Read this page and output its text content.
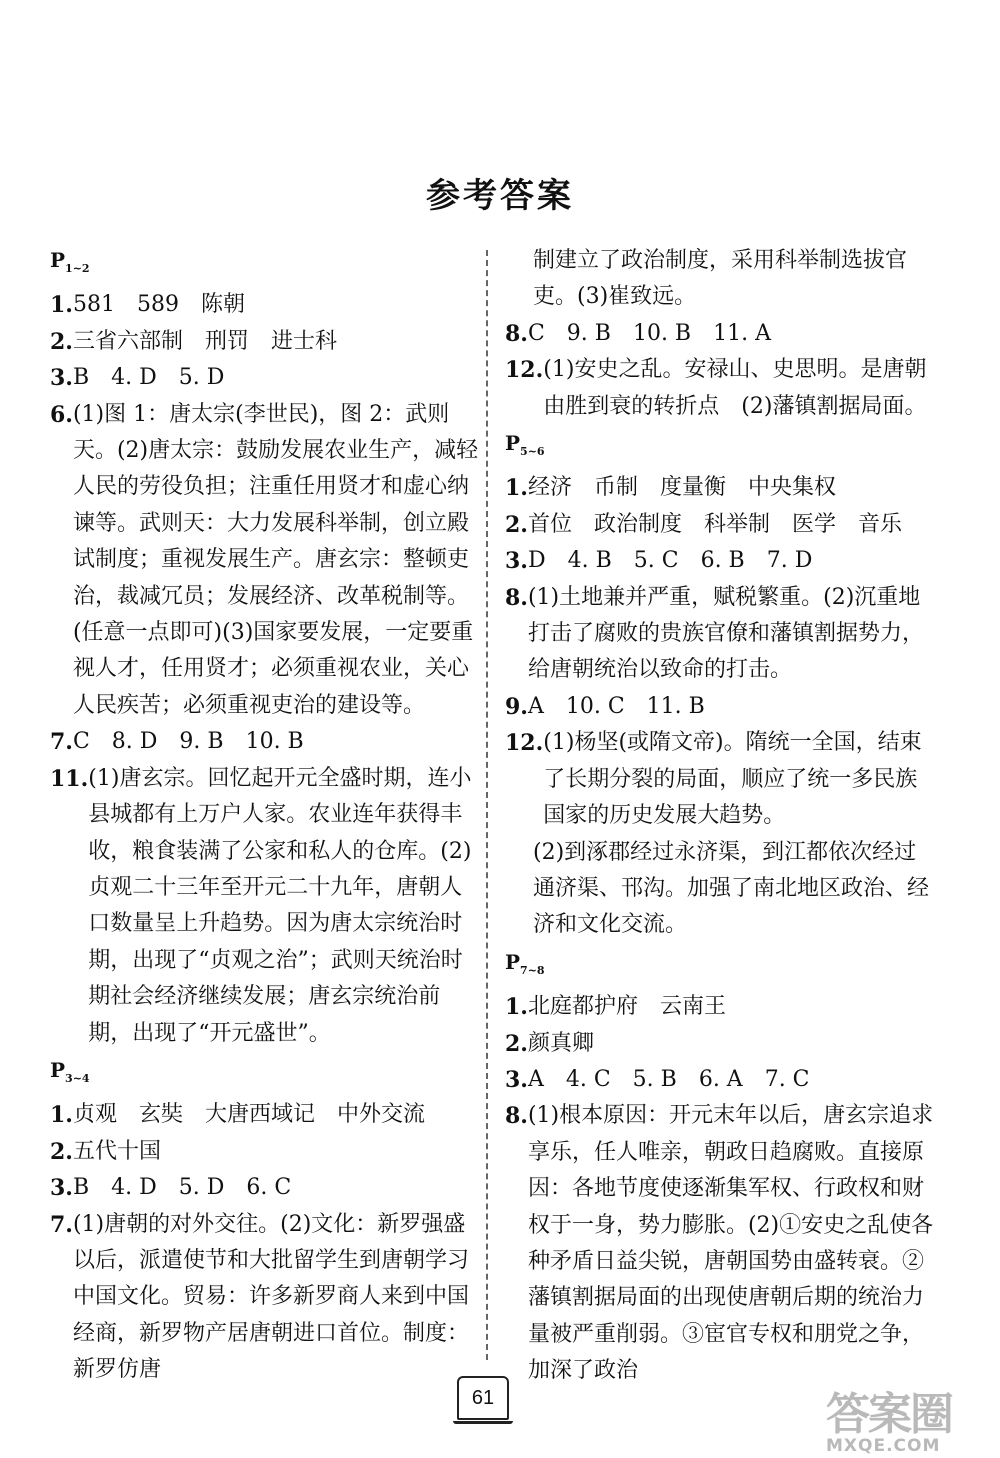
参考答案
$P_{1\sim 2}$
1. 581　589　陈朝
2. 三省六部制　刑罚　进士科
3. B　4. D　5. D
6. (1)图 1：唐太宗(李世民)，图 2：武则天。(2)唐太宗：鼓励发展农业生产，减轻人民的劳役负担；注重任用贤才和虚心纳谏等。武则天：大力发展科举制，创立殿试制度；重视发展生产。唐玄宗：整顿吏治，裁减冗员；发展经济、改革税制等。(任意一点即可)(3)国家要发展，一定要重视人才，任用贤才；必须重视农业，关心人民疾苦；必须重视吏治的建设等。
7. C　8. D　9. B　10. B
11. (1)唐玄宗。回忆起开元全盛时期，连小县城都有上万户人家。农业连年获得丰收，粮食装满了公家和私人的仓库。(2)贞观二十三年至开元二十九年，唐朝人口数量呈上升趋势。因为唐太宗统治时期，出现了“贞观之治”；武则天统治时期社会经济继续发展；唐玄宗统治前期，出现了“开元盛世”。
$P_{3\sim 4}$
1. 贞观　玄奘　大唐西域记　中外交流
2. 五代十国
3. B　4. D　5. D　6. C
7. (1)唐朝的对外交往。(2)文化：新罗强盛以后，派遣使节和大批留学生到唐朝学习中国文化。贸易：许多新罗商人来到中国经商，新罗物产居唐朝进口首位。制度：新罗仿唐
制建立了政治制度，采用科举制选拔官吏。(3)崔致远。
8. C　9. B　10. B　11. A
12. (1)安史之乱。安禄山、史思明。是唐朝由胜到衰的转折点　(2)藩镇割据局面。
$P_{5\sim 6}$
1. 经济　币制　度量衡　中央集权
2. 首位　政治制度　科举制　医学　音乐
3. D　4. B　5. C　6. B　7. D
8. (1)土地兼并严重，赋税繁重。(2)沉重地打击了腐败的贵族官僚和藩镇割据势力，给唐朝统治以致命的打击。
9. A　10. C　11. B
12. (1)杨坚(或隋文帝)。隋统一全国，结束了长期分裂的局面，顺应了统一多民族国家的历史发展大趋势。
(2)到涿郡经过永济渠，到江都依次经过通济渠、邗沟。加强了南北地区政治、经济和文化交流。
$P_{7\sim 8}$
1. 北庭都护府　云南王
2. 颜真卿
3. A　4. C　5. B　6. A　7. C
8. (1)根本原因：开元末年以后，唐玄宗追求享乐，任人唯亲，朝政日趋腐败。直接原因：各地节度使逐渐集军权、行政权和财权于一身，势力膨胀。(2)①安史之乱使各种矛盾日益尖锐，唐朝国势由盛转衰。②藩镇割据局面的出现使唐朝后期的统治力量被严重削弱。③宦官专权和朋党之争，加深了政治
61	答案圈
MXQE.COM
